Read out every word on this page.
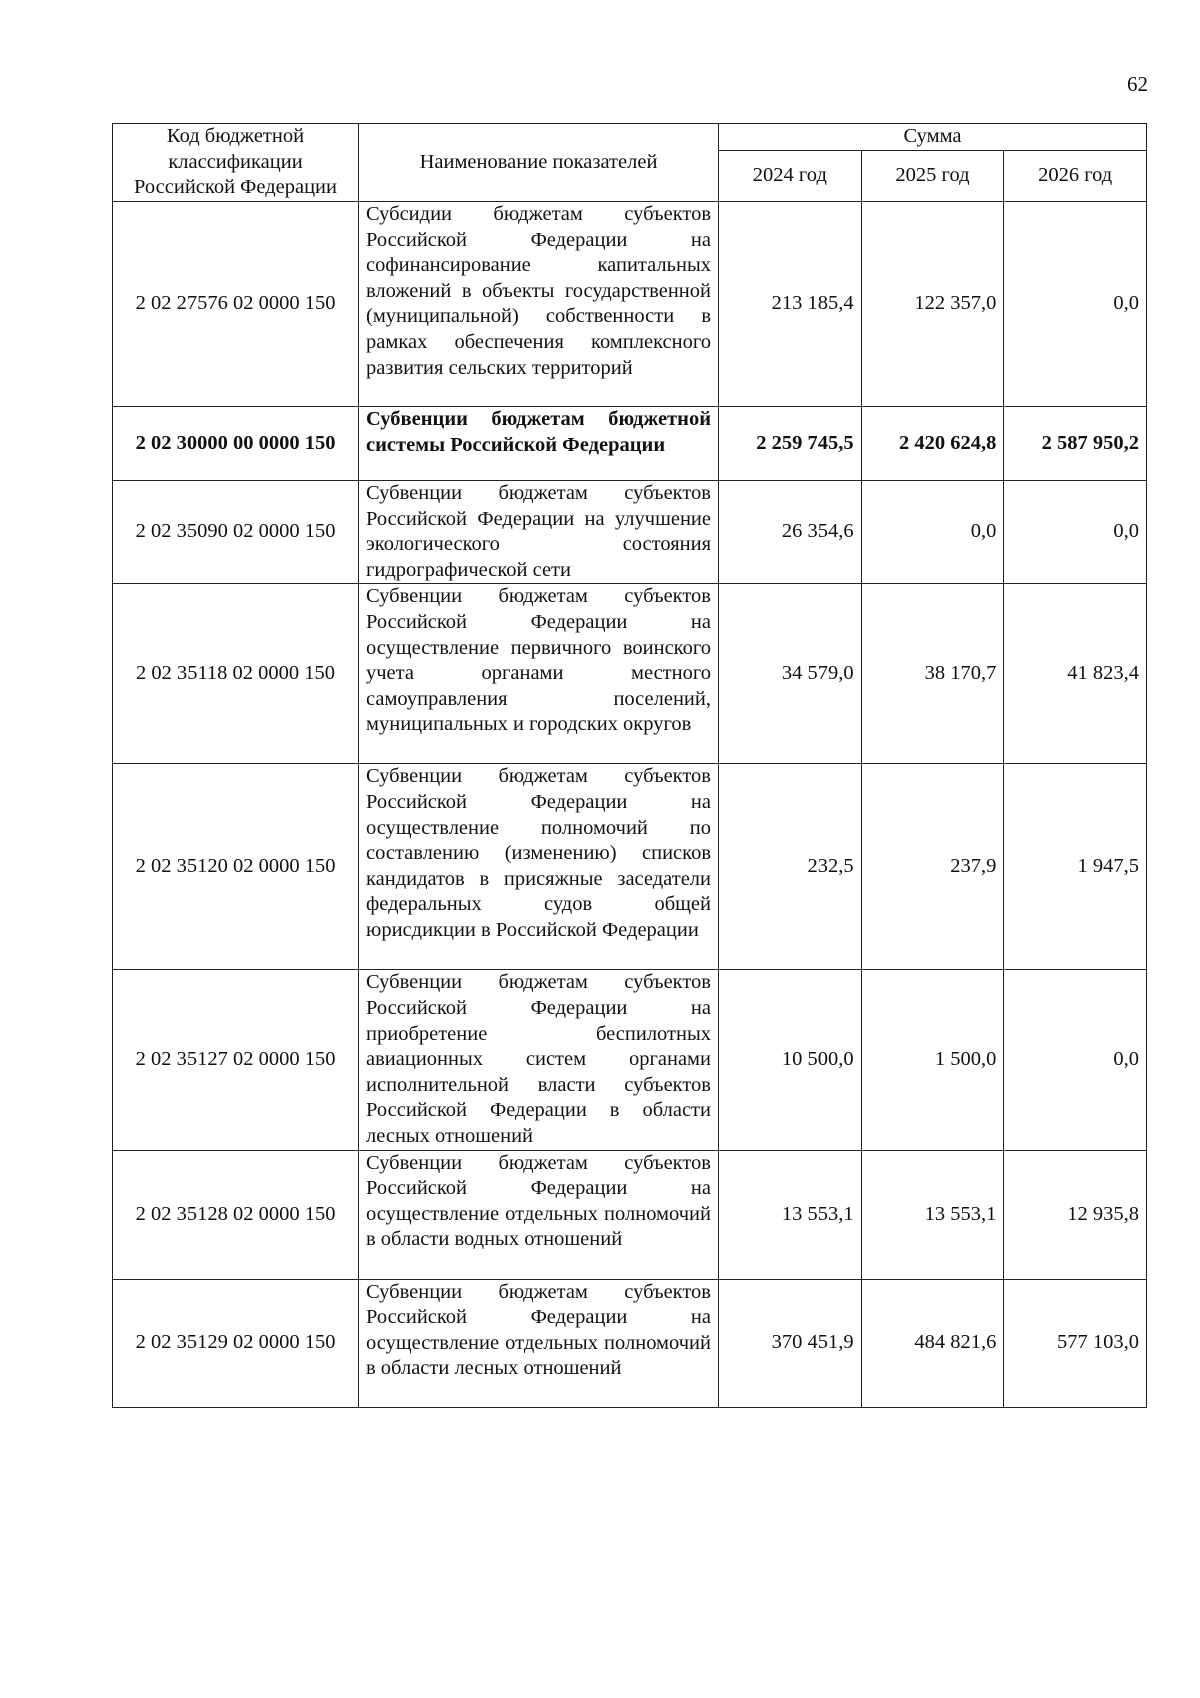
62
Код бюджетной классификации Российской Федерации	Наименование показателей	Сумма		
		2024 год	2025 год	2026 год
2 02 27576 02 0000 150	Субсидии бюджетам субъектов Российской Федерации на софинансирование капитальных вложений в объекты государственной (муниципальной) собственности в рамках обеспечения комплексного развития сельских территорий	213 185,4	122 357,0	0,0
2 02 30000 00 0000 150	Субвенции бюджетам бюджетной системы Российской Федерации	2 259 745,5	2 420 624,8	2 587 950,2
2 02 35090 02 0000 150	Субвенции бюджетам субъектов Российской Федерации на улучшение экологического состояния гидрографической сети	26 354,6	0,0	0,0
2 02 35118 02 0000 150	Субвенции бюджетам субъектов Российской Федерации на осуществление первичного воинского учета органами местного самоуправления поселений, муниципальных и городских округов	34 579,0	38 170,7	41 823,4
2 02 35120 02 0000 150	Субвенции бюджетам субъектов Российской Федерации на осуществление полномочий по составлению (изменению) списков кандидатов в присяжные заседатели федеральных судов общей юрисдикции в Российской Федерации	232,5	237,9	1 947,5
2 02 35127 02 0000 150	Субвенции бюджетам субъектов Российской Федерации на приобретение беспилотных авиационных систем органами исполнительной власти субъектов Российской Федерации в области лесных отношений	10 500,0	1 500,0	0,0
2 02 35128 02 0000 150	Субвенции бюджетам субъектов Российской Федерации на осуществление отдельных полномочий в области водных отношений	13 553,1	13 553,1	12 935,8
2 02 35129 02 0000 150	Субвенции бюджетам субъектов Российской Федерации на осуществление отдельных полномочий в области лесных отношений	370 451,9	484 821,6	577 103,0
